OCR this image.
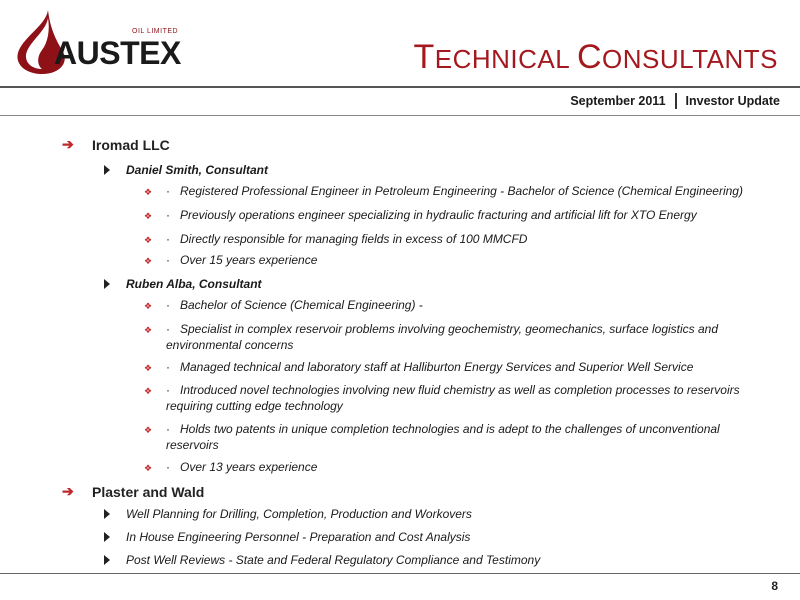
OIL LIMITED
AUSTEX	TECHNICAL CONSULTANTS
September 2011 Investor Update
➔	Iromad LLC
Daniel Smith, Consultant
❖	· Registered Professional Engineer in Petroleum Engineering - Bachelor of Science (Chemical Engineering)
❖	· Previously operations engineer specializing in hydraulic fracturing and artificial lift for XTO Energy
❖	· Directly responsible for managing fields in excess of 100 MMCFD
❖	· Over 15 years experience
Ruben Alba, Consultant
❖	· Bachelor of Science (Chemical Engineering) -
❖	· Specialist in complex reservoir problems involving geochemistry, geomechanics, surface logistics and environmental concerns
❖	· Managed technical and laboratory staff at Halliburton Energy Services and Superior Well Service
❖	· Introduced novel technologies involving new fluid chemistry as well as completion processes to reservoirs requiring cutting edge technology
❖	· Holds two patents in unique completion technologies and is adept to the challenges of unconventional reservoirs
❖	· Over 13 years experience
➔	Plaster and Wald
Well Planning for Drilling, Completion, Production and Workovers
In House Engineering Personnel - Preparation and Cost Analysis
Post Well Reviews - State and Federal Regulatory Compliance and Testimony
8
